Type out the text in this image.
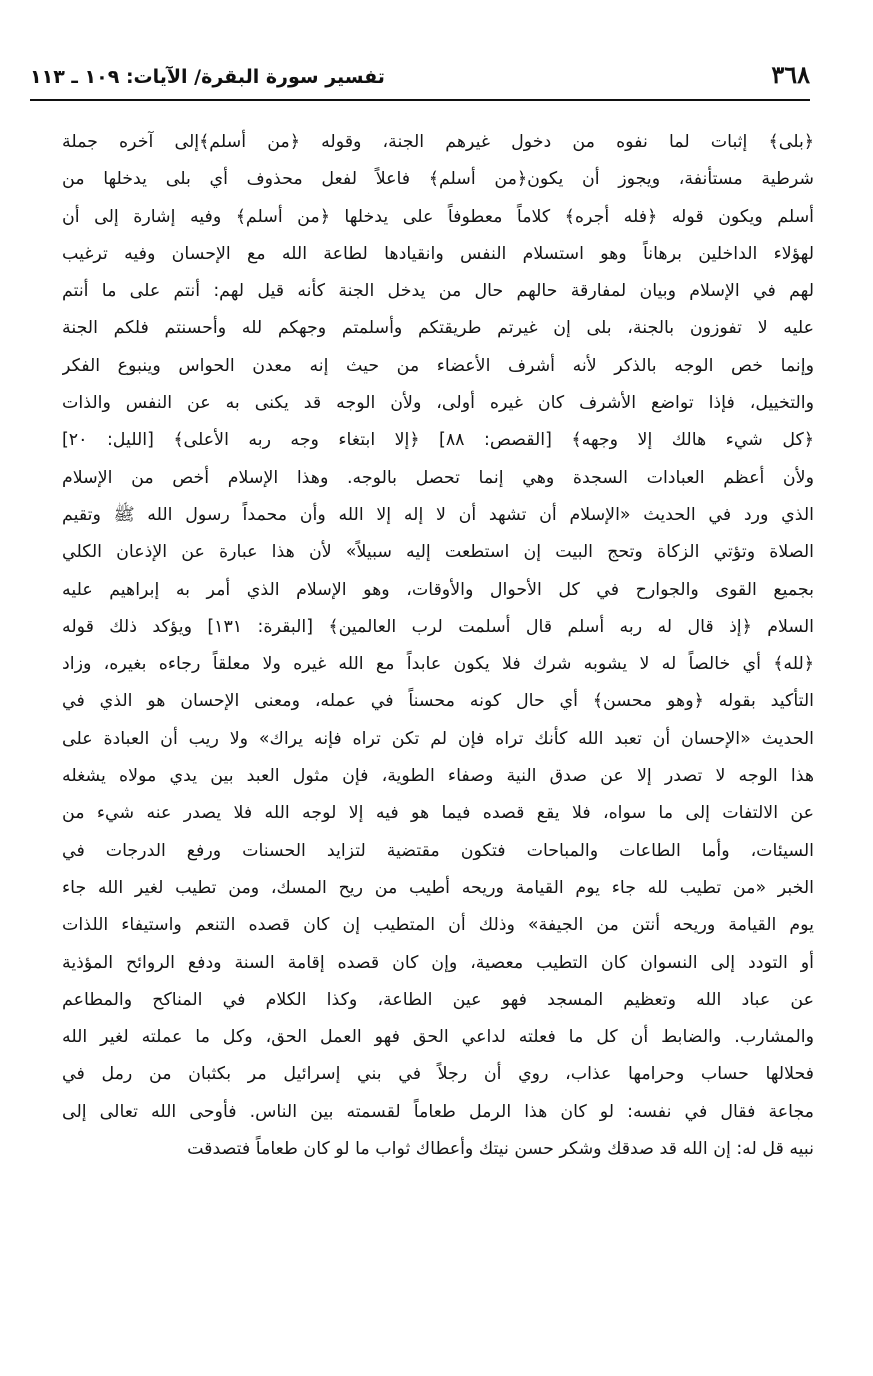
٣٦٨
تفسير سورة البقرة/ الآيات: ١٠٩ ـ ١١٣
﴿بلى﴾ إثبات لما نفوه من دخول غيرهم الجنة، وقوله ﴿من أسلم﴾إلى آخره جملة
شرطية مستأنفة، ويجوز أن يكون﴿من أسلم﴾ فاعلاً لفعل محذوف أي بلى يدخلها من
أسلم ويكون قوله ﴿فله أجره﴾ كلاماً معطوفاً على يدخلها ﴿من أسلم﴾ وفيه إشارة إلى أن
لهؤلاء الداخلين برهاناً وهو استسلام النفس وانقيادها لطاعة الله مع الإحسان وفيه ترغيب
لهم في الإسلام وبيان لمفارقة حالهم حال من يدخل الجنة كأنه قيل لهم: أنتم على ما أنتم
عليه لا تفوزون بالجنة، بلى إن غيرتم طريقتكم وأسلمتم وجهكم لله وأحسنتم فلكم الجنة
وإنما خص الوجه بالذكر لأنه أشرف الأعضاء من حيث إنه معدن الحواس وينبوع الفكر
والتخييل، فإذا تواضع الأشرف كان غيره أولى، ولأن الوجه قد يكنى به عن النفس والذات
﴿كل شيء هالك إلا وجهه﴾ [القصص: ٨٨] ﴿إلا ابتغاء وجه ربه الأعلى﴾ [الليل: ٢٠]
ولأن أعظم العبادات السجدة وهي إنما تحصل بالوجه. وهذا الإسلام أخص من الإسلام
الذي ورد في الحديث «الإسلام أن تشهد أن لا إله إلا الله وأن محمداً رسول الله ﷺ وتقيم
الصلاة وتؤتي الزكاة وتحج البيت إن استطعت إليه سبيلاً» لأن هذا عبارة عن الإذعان الكلي
بجميع القوى والجوارح في كل الأحوال والأوقات، وهو الإسلام الذي أمر به إبراهيم عليه
السلام ﴿إذ قال له ربه أسلم قال أسلمت لرب العالمين﴾ [البقرة: ١٣١] ويؤكد ذلك قوله
﴿لله﴾ أي خالصاً له لا يشوبه شرك فلا يكون عابداً مع الله غيره ولا معلقاً رجاءه بغيره، وزاد
التأكيد بقوله ﴿وهو محسن﴾ أي حال كونه محسناً في عمله، ومعنى الإحسان هو الذي في
الحديث «الإحسان أن تعبد الله كأنك تراه فإن لم تكن تراه فإنه يراك» ولا ريب أن العبادة على
هذا الوجه لا تصدر إلا عن صدق النية وصفاء الطوية، فإن مثول العبد بين يدي مولاه يشغله
عن الالتفات إلى ما سواه، فلا يقع قصده فيما هو فيه إلا لوجه الله فلا يصدر عنه شيء من
السيئات، وأما الطاعات والمباحات فتكون مقتضية لتزايد الحسنات ورفع الدرجات في
الخبر «من تطيب لله جاء يوم القيامة وريحه أطيب من ريح المسك، ومن تطيب لغير الله جاء
يوم القيامة وريحه أنتن من الجيفة» وذلك أن المتطيب إن كان قصده التنعم واستيفاء اللذات
أو التودد إلى النسوان كان التطيب معصية، وإن كان قصده إقامة السنة ودفع الروائح المؤذية
عن عباد الله وتعظيم المسجد فهو عين الطاعة، وكذا الكلام في المناكح والمطاعم
والمشارب. والضابط أن كل ما فعلته لداعي الحق فهو العمل الحق، وكل ما عملته لغير الله
فحلالها حساب وحرامها عذاب، روي أن رجلاً في بني إسرائيل مر بكثبان من رمل في
مجاعة فقال في نفسه: لو كان هذا الرمل طعاماً لقسمته بين الناس. فأوحى الله تعالى إلى
نبيه قل له: إن الله قد صدقك وشكر حسن نيتك وأعطاك ثواب ما لو كان طعاماً فتصدقت
